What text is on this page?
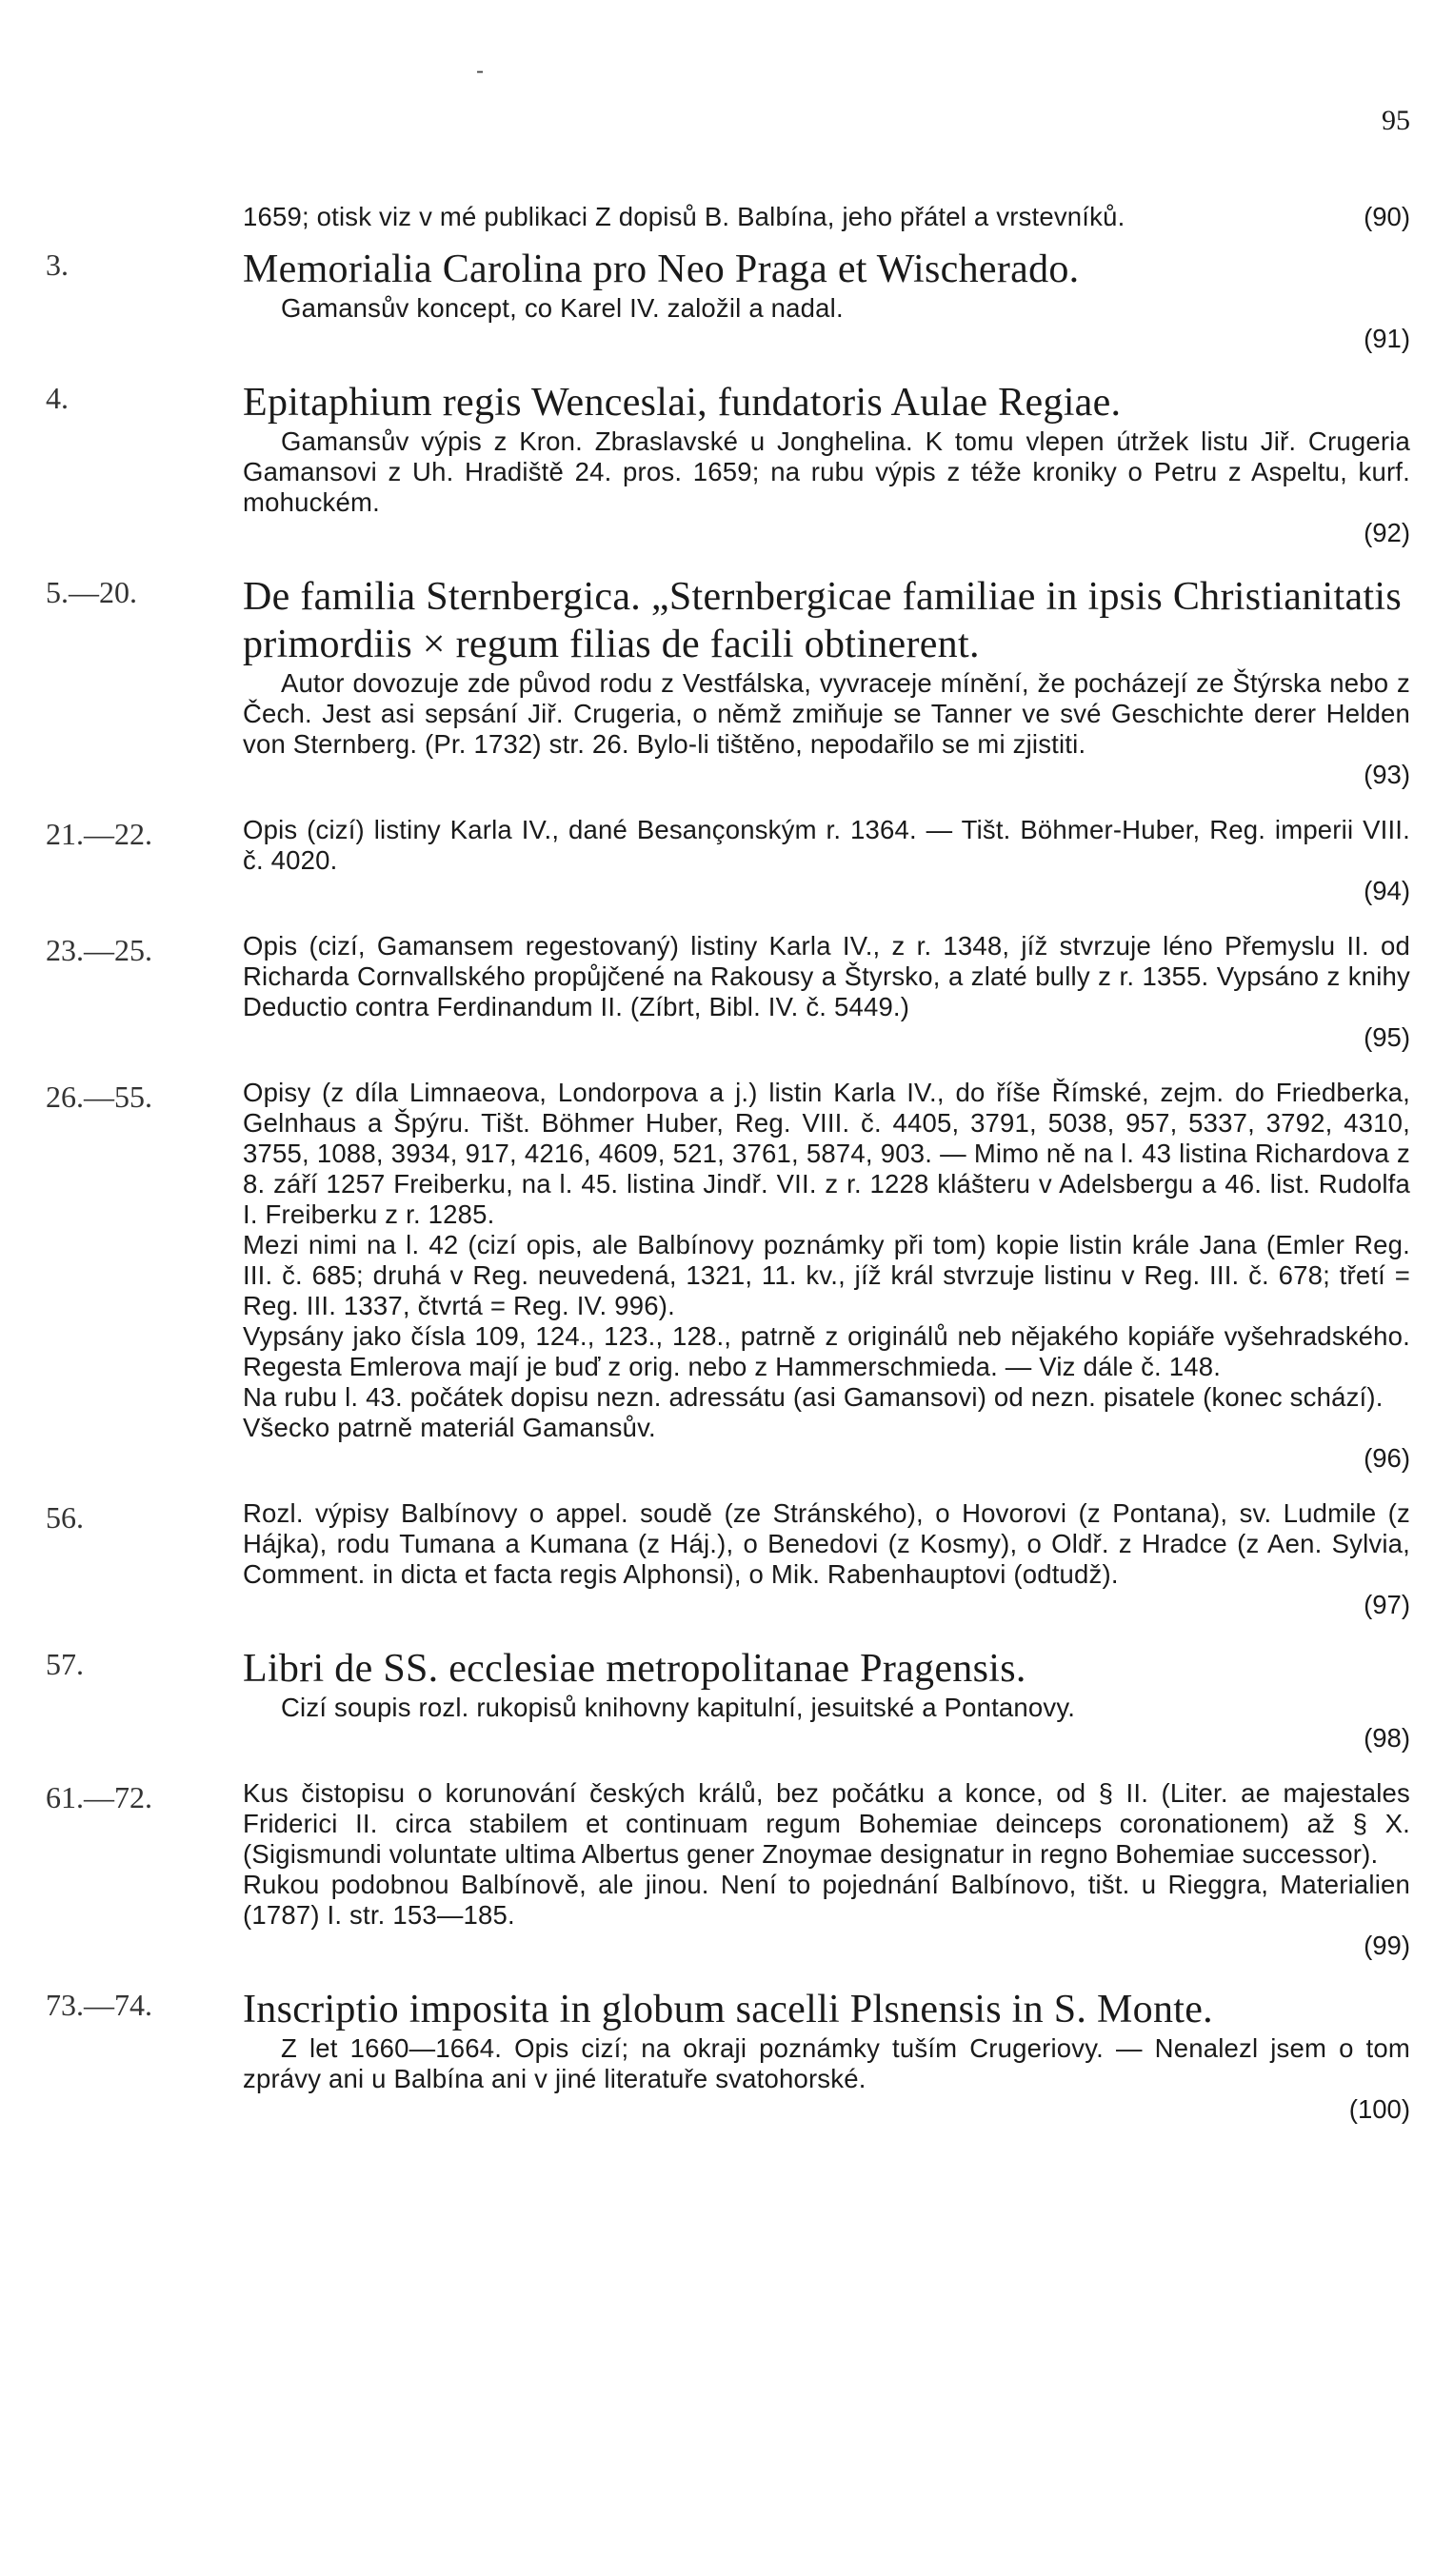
-
95
1659; otisk viz v mé publikaci Z dopisů B. Balbína, jeho přátel a vrstevníků.	(90)
3.	Memorialia Carolina pro Neo Praga et Wischerado.
Gamansův koncept, co Karel IV. založil a nadal.
(91)
4.	Epitaphium regis Wenceslai, fundatoris Aulae Regiae.
Gamansův výpis z Kron. Zbraslavské u Jonghelina. K tomu vlepen útržek listu Jiř. Crugeria Gamansovi z Uh. Hradiště 24. pros. 1659; na rubu výpis z téže kroniky o Petru z Aspeltu, kurf. mohuckém.
(92)
5.—20.	De familia Sternbergica. „Sternbergicae familiae in ipsis Christianitatis primordiis × regum filias de facili obtinerent.
Autor dovozuje zde původ rodu z Vestfálska, vyvraceje mínění, že pocházejí ze Štýrska nebo z Čech. Jest asi sepsání Jiř. Crugeria, o němž zmiňuje se Tanner ve své Geschichte derer Helden von Sternberg. (Pr. 1732) str. 26. Bylo-li tištěno, nepodařilo se mi zjistiti.
(93)
21.—22.	Opis (cizí) listiny Karla IV., dané Besançonským r. 1364. — Tišt. Böhmer-Huber, Reg. imperii VIII. č. 4020.
(94)
23.—25.	Opis (cizí, Gamansem regestovaný) listiny Karla IV., z r. 1348, jíž stvrzuje léno Přemyslu II. od Richarda Cornvallského propůjčené na Rakousy a Štyrsko, a zlaté bully z r. 1355. Vypsáno z knihy Deductio contra Ferdinandum II. (Zíbrt, Bibl. IV. č. 5449.)
(95)
26.—55.	Opisy (z díla Limnaeova, Londorpova a j.) listin Karla IV., do říše Římské, zejm. do Friedberka, Gelnhaus a Špýru. Tišt. Böhmer Huber, Reg. VIII. č. 4405, 3791, 5038, 957, 5337, 3792, 4310, 3755, 1088, 3934, 917, 4216, 4609, 521, 3761, 5874, 903. — Mimo ně na l. 43 listina Richardova z 8. září 1257 Freiberku, na l. 45. listina Jindř. VII. z r. 1228 klášteru v Adelsbergu a 46. list. Rudolfa I. Freiberku z r. 1285.
Mezi nimi na l. 42 (cizí opis, ale Balbínovy poznámky při tom) kopie listin krále Jana (Emler Reg. III. č. 685; druhá v Reg. neuvedená, 1321, 11. kv., jíž král stvrzuje listinu v Reg. III. č. 678; třetí = Reg. III. 1337, čtvrtá = Reg. IV. 996).
Vypsány jako čísla 109, 124., 123., 128., patrně z originálů neb nějakého kopiáře vyšehradského. Regesta Emlerova mají je buď z orig. nebo z Hammerschmieda. — Viz dále č. 148.
Na rubu l. 43. počátek dopisu nezn. adressátu (asi Gamansovi) od nezn. pisatele (konec schází).
Všecko patrně materiál Gamansův.
(96)
56.	Rozl. výpisy Balbínovy o appel. soudě (ze Stránského), o Hovorovi (z Pontana), sv. Ludmile (z Hájka), rodu Tumana a Kumana (z Háj.), o Benedovi (z Kosmy), o Oldř. z Hradce (z Aen. Sylvia, Comment. in dicta et facta regis Alphonsi), o Mik. Rabenhauptovi (odtudž).
(97)
57.	Libri de SS. ecclesiae metropolitanae Pragensis.
Cizí soupis rozl. rukopisů knihovny kapitulní, jesuitské a Pontanovy.
(98)
61.—72.	Kus čistopisu o korunování českých králů, bez počátku a konce, od § II. (Liter. ae majestales Friderici II. circa stabilem et continuam regum Bohemiae deinceps coronationem) až § X. (Sigismundi voluntate ultima Albertus gener Znoymae designatur in regno Bohemiae successor).
Rukou podobnou Balbínově, ale jinou. Není to pojednání Balbínovo, tišt. u Rieggra, Materialien (1787) I. str. 153—185.
(99)
73.—74. Inscriptio imposita in globum sacelli Plsnensis in S. Monte.
Z let 1660—1664. Opis cizí; na okraji poznámky tuším Crugeriovy. — Nenalezl jsem o tom zprávy ani u Balbína ani v jiné literatuře svatohorské.
(100)
